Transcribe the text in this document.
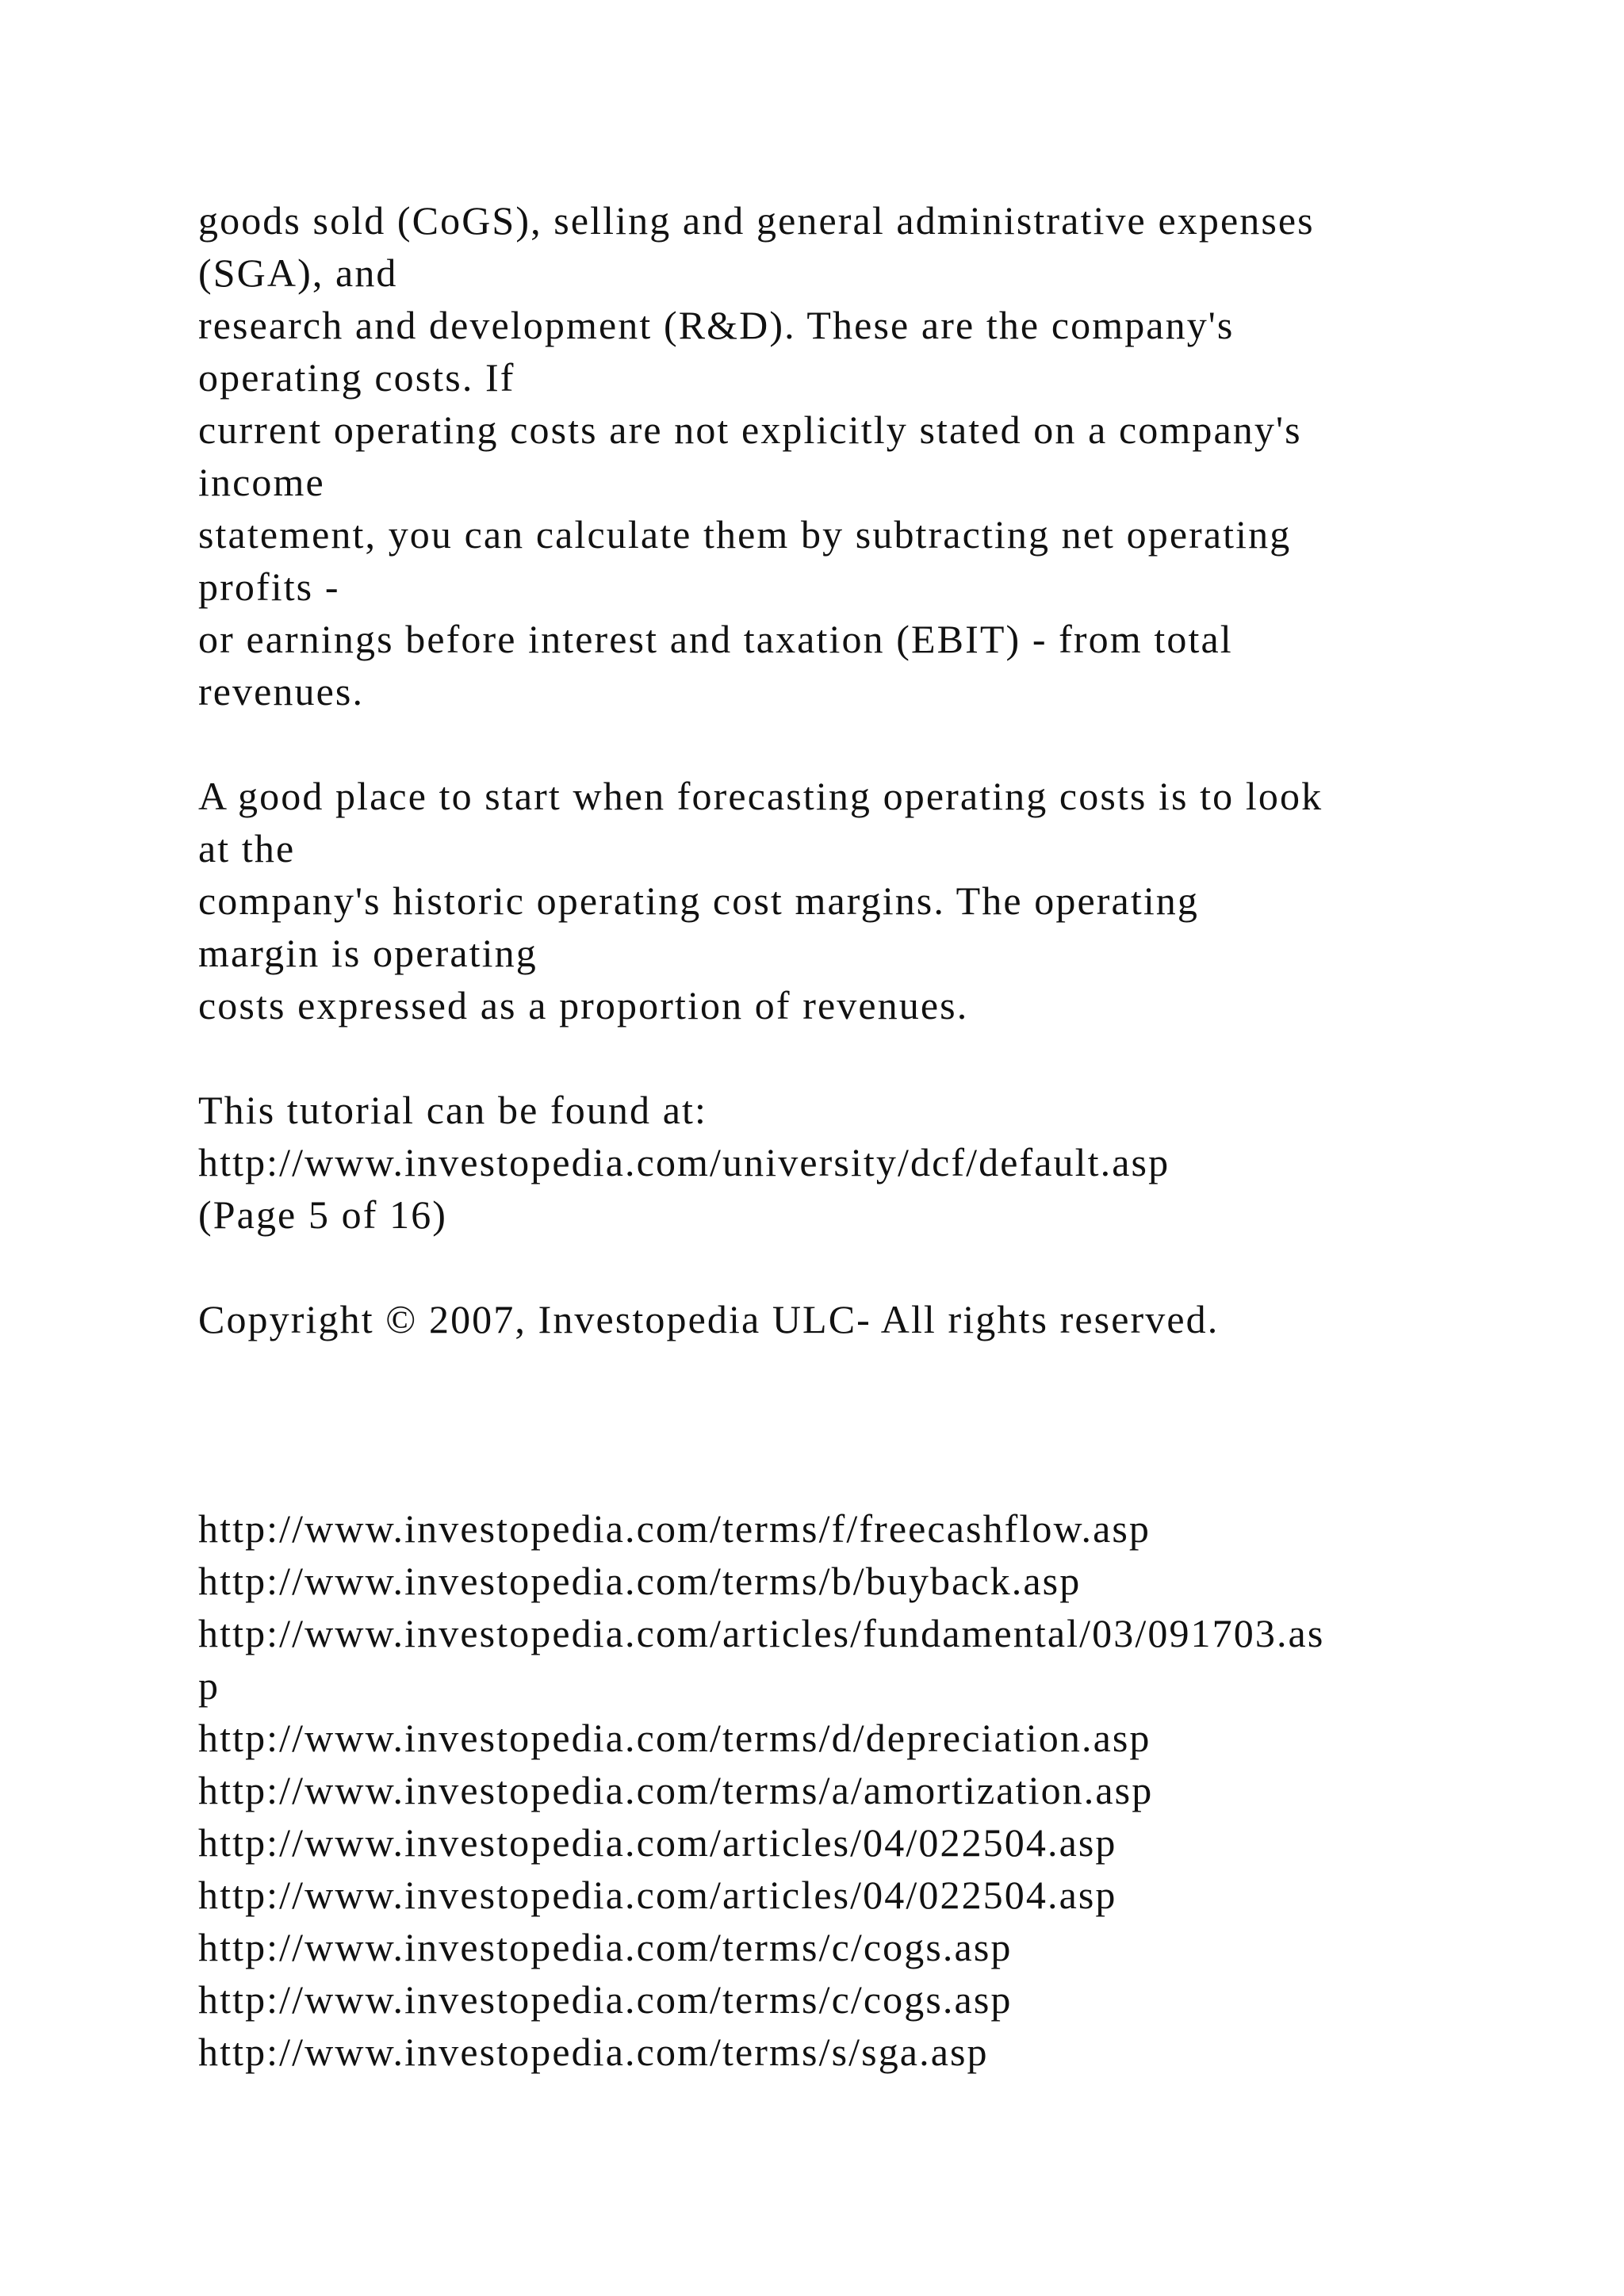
goods sold (CoGS), selling and general administrative expenses
(SGA), and
research and development (R&D). These are the company's
operating costs. If
current operating costs are not explicitly stated on a company's
income
statement, you can calculate them by subtracting net operating
profits -
or earnings before interest and taxation (EBIT) - from total
revenues.
A good place to start when forecasting operating costs is to look
at the
company's historic operating cost margins. The operating
margin is operating
costs expressed as a proportion of revenues.
This tutorial can be found at:
http://www.investopedia.com/university/dcf/default.asp
(Page 5 of 16)
Copyright © 2007, Investopedia ULC- All rights reserved.
http://www.investopedia.com/terms/f/freecashflow.asp
http://www.investopedia.com/terms/b/buyback.asp
http://www.investopedia.com/articles/fundamental/03/091703.as
p
http://www.investopedia.com/terms/d/depreciation.asp
http://www.investopedia.com/terms/a/amortization.asp
http://www.investopedia.com/articles/04/022504.asp
http://www.investopedia.com/articles/04/022504.asp
http://www.investopedia.com/terms/c/cogs.asp
http://www.investopedia.com/terms/c/cogs.asp
http://www.investopedia.com/terms/s/sga.asp
